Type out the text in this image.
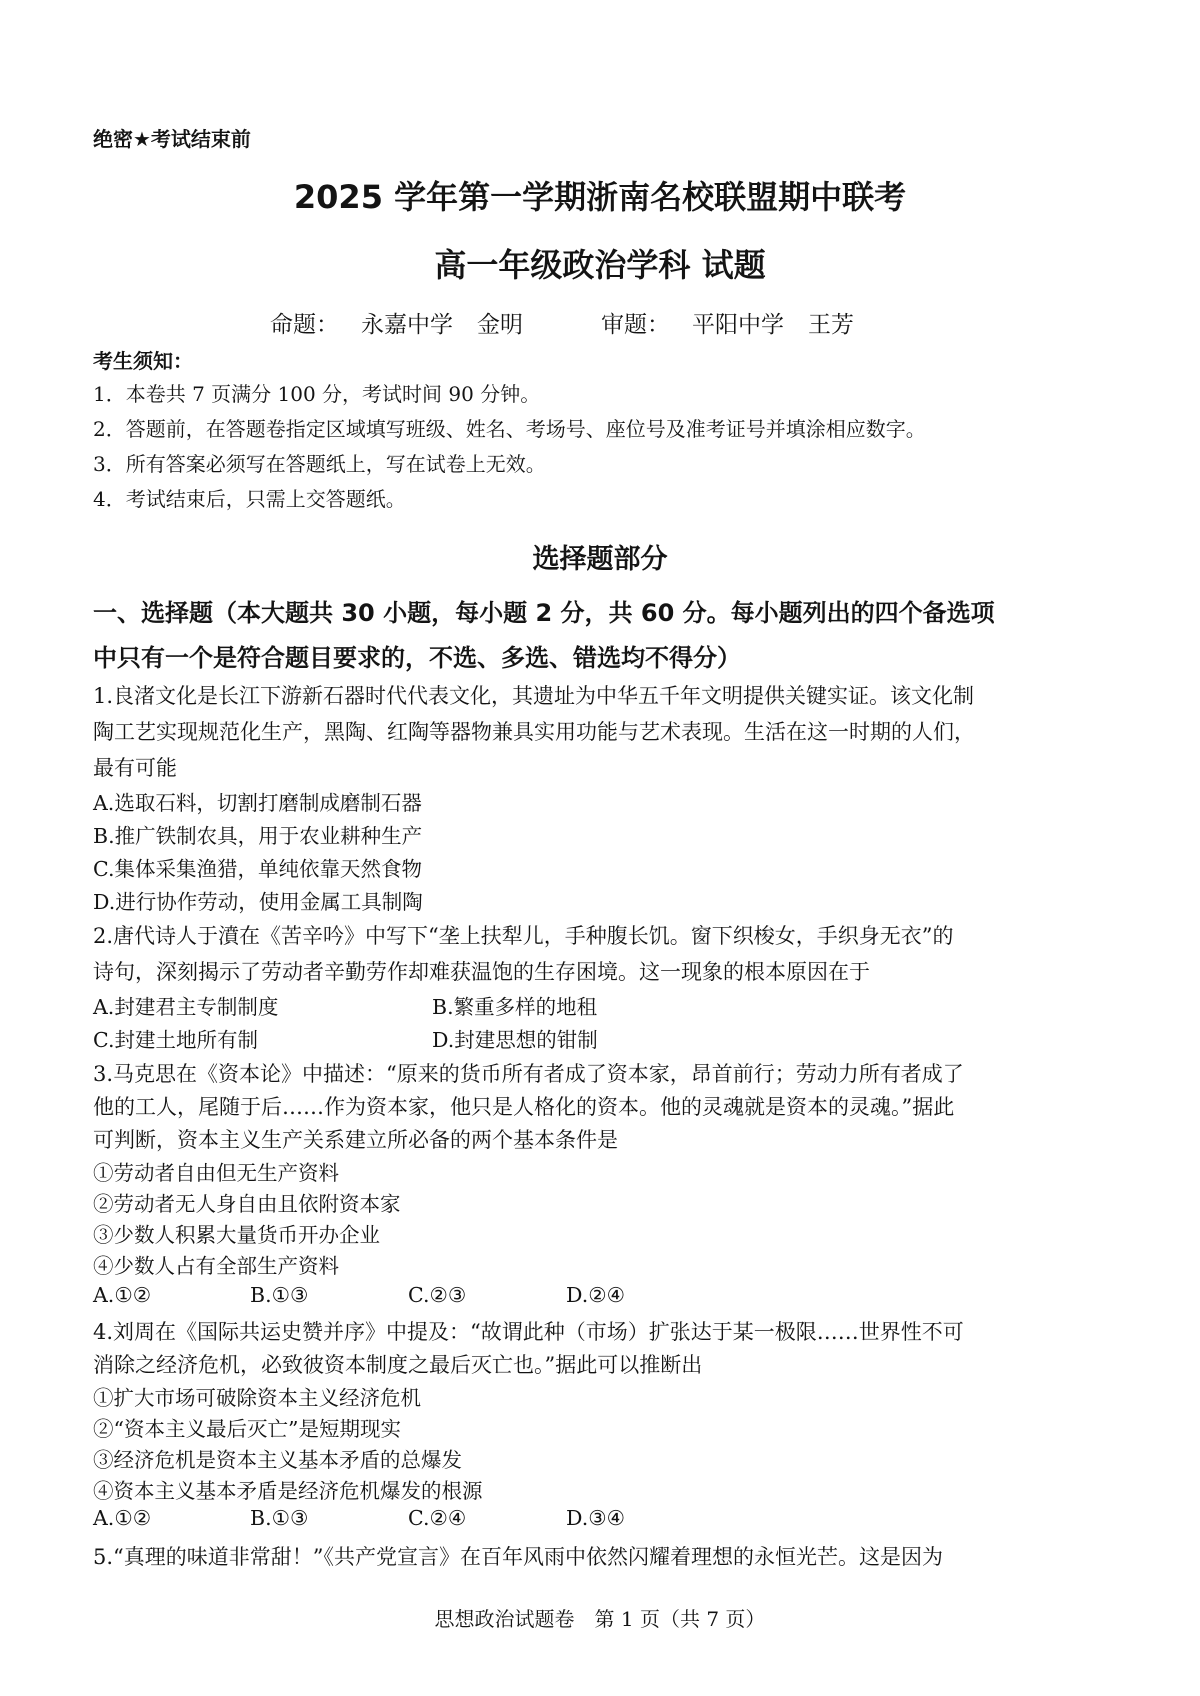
绝密★考试结束前
2025 学年第一学期浙南名校联盟期中联考
高一年级政治学科 试题
命题： 永嘉中学 金明	审题： 平阳中学 王芳
考生须知：
1．本卷共 7 页满分 100 分，考试时间 90 分钟。
2．答题前，在答题卷指定区域填写班级、姓名、考场号、座位号及准考证号并填涂相应数字。
3．所有答案必须写在答题纸上，写在试卷上无效。
4．考试结束后，只需上交答题纸。
选择题部分
一、选择题（本大题共 30 小题，每小题 2 分，共 60 分。每小题列出的四个备选项
中只有一个是符合题目要求的，不选、多选、错选均不得分）
1.良渚文化是长江下游新石器时代代表文化，其遗址为中华五千年文明提供关键实证。该文化制
陶工艺实现规范化生产，黑陶、红陶等器物兼具实用功能与艺术表现。生活在这一时期的人们，
最有可能
A.选取石料，切割打磨制成磨制石器
B.推广铁制农具，用于农业耕种生产
C.集体采集渔猎，单纯依靠天然食物
D.进行协作劳动，使用金属工具制陶
2.唐代诗人于濆在《苦辛吟》中写下“垄上扶犁儿，手种腹长饥。窗下织梭女，手织身无衣”的
诗句，深刻揭示了劳动者辛勤劳作却难获温饱的生存困境。这一现象的根本原因在于
A.封建君主专制制度	B.繁重多样的地租
C.封建土地所有制	D.封建思想的钳制
3.马克思在《资本论》中描述：“原来的货币所有者成了资本家，昂首前行；劳动力所有者成了
他的工人，尾随于后……作为资本家，他只是人格化的资本。他的灵魂就是资本的灵魂。”据此
可判断，资本主义生产关系建立所必备的两个基本条件是
①劳动者自由但无生产资料
②劳动者无人身自由且依附资本家
③少数人积累大量货币开办企业
④少数人占有全部生产资料
A.①②	B.①③	C.②③	D.②④
4.刘周在《国际共运史赞并序》中提及：“故谓此种（市场）扩张达于某一极限……世界性不可
消除之经济危机，必致彼资本制度之最后灭亡也。”据此可以推断出
①扩大市场可破除资本主义经济危机
②“资本主义最后灭亡”是短期现实
③经济危机是资本主义基本矛盾的总爆发
④资本主义基本矛盾是经济危机爆发的根源
A.①②	B.①③	C.②④	D.③④
5.“真理的味道非常甜！”《共产党宣言》在百年风雨中依然闪耀着理想的永恒光芒。这是因为
思想政治试题卷　第 1 页（共 7 页）
